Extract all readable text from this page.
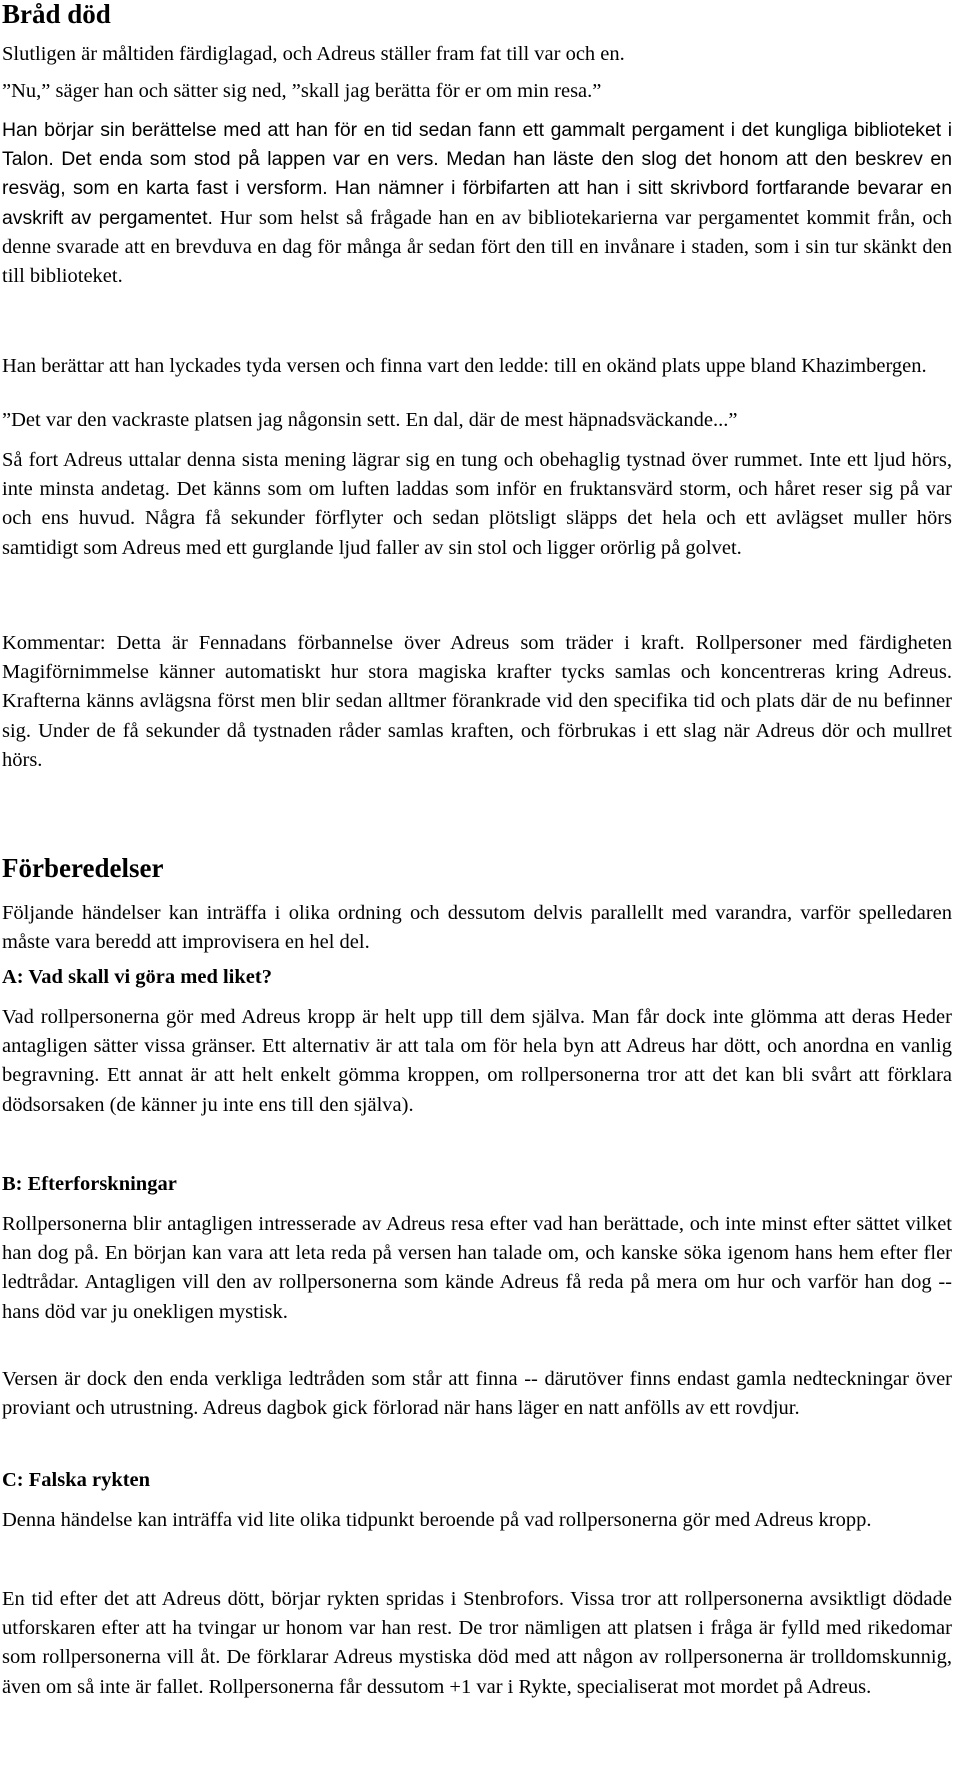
Bråd död

Slutligen är måltiden färdiglagad, och Adreus ställer fram fat till var och en.

”Nu,” säger han och sätter sig ned, ”skall jag berätta för er om min resa.”

Han börjar sin berättelse med att han för en tid sedan fann ett gammalt pergament i det kungliga biblioteket i Talon. Det enda som stod på lappen var en vers. Medan han läste den slog det honom att den beskrev en resväg, som en karta fast i versform. Han nämner i förbifarten att han i sitt skrivbord fortfarande bevarar en avskrift av pergamentet. Hur som helst så frågade han en av bibliotekarierna var pergamentet kommit från, och denne svarade att en brevduva en dag för många år sedan fört den till en invånare i staden, som i sin tur skänkt den till biblioteket.

Han berättar att han lyckades tyda versen och finna vart den ledde: till en okänd plats uppe bland Khazimbergen.

”Det var den vackraste platsen jag någonsin sett. En dal, där de mest häpnadsväckande...”

Så fort Adreus uttalar denna sista mening lägrar sig en tung och obehaglig tystnad över rummet. Inte ett ljud hörs, inte minsta andetag. Det känns som om luften laddas som inför en fruktansvärd storm, och håret reser sig på var och ens huvud. Några få sekunder förflyter och sedan plötsligt släpps det hela och ett avlägset muller hörs samtidigt som Adreus med ett gurglande ljud faller av sin stol och ligger orörlig på golvet.

Kommentar: Detta är Fennadans förbannelse över Adreus som träder i kraft. Rollpersoner med färdigheten Magiförnimmelse känner automatiskt hur stora magiska krafter tycks samlas och koncentreras kring Adreus. Krafterna känns avlägsna först men blir sedan alltmer förankrade vid den specifika tid och plats där de nu befinner sig. Under de få sekunder då tystnaden råder samlas kraften, och förbrukas i ett slag när Adreus dör och mullret hörs.

Förberedelser

Följande händelser kan inträffa i olika ordning och dessutom delvis parallellt med varandra, varför spelledaren måste vara beredd att improvisera en hel del.

A: Vad skall vi göra med liket?

Vad rollpersonerna gör med Adreus kropp är helt upp till dem själva. Man får dock inte glömma att deras Heder antagligen sätter vissa gränser. Ett alternativ är att tala om för hela byn att Adreus har dött, och anordna en vanlig begravning. Ett annat är att helt enkelt gömma kroppen, om rollpersonerna tror att det kan bli svårt att förklara dödsorsaken (de känner ju inte ens till den själva).

B: Efterforskningar

Rollpersonerna blir antagligen intresserade av Adreus resa efter vad han berättade, och inte minst efter sättet vilket han dog på. En början kan vara att leta reda på versen han talade om, och kanske söka igenom hans hem efter fler ledtrådar. Antagligen vill den av rollpersonerna som kände Adreus få reda på mera om hur och varför han dog -- hans död var ju onekligen mystisk.

Versen är dock den enda verkliga ledtråden som står att finna -- därutöver finns endast gamla nedteckningar över proviant och utrustning. Adreus dagbok gick förlorad när hans läger en natt anfölls av ett rovdjur.

C: Falska rykten

Denna händelse kan inträffa vid lite olika tidpunkt beroende på vad rollpersonerna gör med Adreus kropp.

En tid efter det att Adreus dött, börjar rykten spridas i Stenbrofors. Vissa tror att rollpersonerna avsiktligt dödade utforskaren efter att ha tvingar ur honom var han rest. De tror nämligen att platsen i fråga är fylld med rikedomar som rollpersonerna vill åt. De förklarar Adreus mystiska död med att någon av rollpersonerna är trolldomskunnig, även om så inte är fallet. Rollpersonerna får dessutom +1 var i Rykte, specialiserat mot mordet på Adreus.
